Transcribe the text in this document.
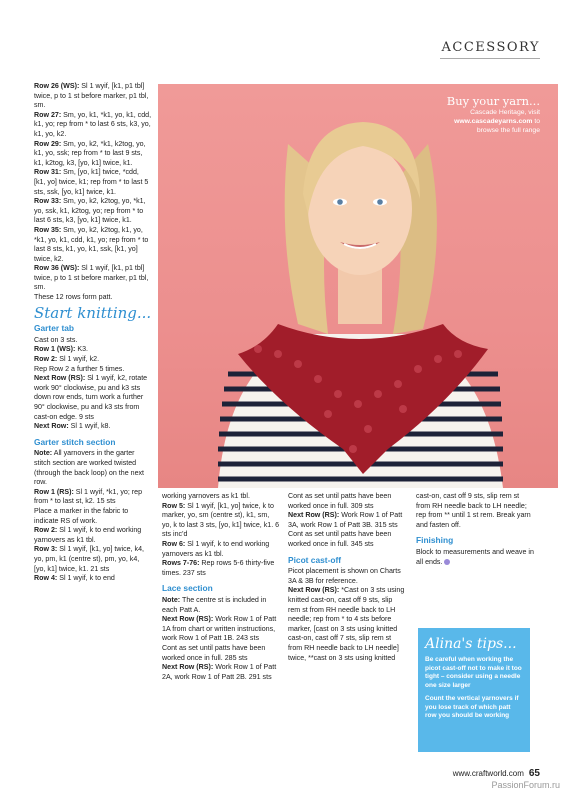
ACCESSORY
Buy your yarn...
Cascade Heritage, visit
www.cascadeyarns.com to
browse the full range

Row 26 (WS): Sl 1 wyif, [k1, p1 tbl] twice, p to 1 st before marker, p1 tbl, sm.

Row 27: Sm, yo, k1, *k1, yo, k1, cdd, k1, yo; rep from * to last 6 sts, k3, yo, k1, yo, k2.

Row 29: Sm, yo, k2, *k1, k2tog, yo, k1, yo, ssk; rep from * to last 9 sts, k1, k2tog, k3, [yo, k1] twice, k1.

Row 31: Sm, [yo, k1] twice, *cdd, [k1, yo] twice, k1; rep from * to last 5 sts, ssk, [yo, k1] twice, k1.

Row 33: Sm, yo, k2, k2tog, yo, *k1, yo, ssk, k1, k2tog, yo; rep from * to last 6 sts, k3, [yo, k1] twice, k1.

Row 35: Sm, yo, k2, k2tog, k1, yo, *k1, yo, k1, cdd, k1, yo; rep from * to last 8 sts, k1, yo, k1, ssk, [k1, yo] twice, k2.

Row 36 (WS): Sl 1 wyif, [k1, p1 tbl] twice, p to 1 st before marker, p1 tbl, sm.

These 12 rows form patt.

Start knitting...
Garter tab

Cast on 3 sts.

Row 1 (WS): K3.

Row 2: Sl 1 wyif, k2.

Rep Row 2 a further 5 times.

Next Row (RS): Sl 1 wyif, k2, rotate work 90° clockwise, pu and k3 sts down row ends, turn work a further 90° clockwise, pu and k3 sts from cast-on edge. 9 sts

Next Row: Sl 1 wyif, k8.

Garter stitch section

Note: All yarnovers in the garter stitch section are worked twisted (through the back loop) on the next row.

Row 1 (RS): Sl 1 wyif, *k1, yo; rep from * to last st, k2. 15 sts

Place a marker in the fabric to indicate RS of work.

Row 2: Sl 1 wyif, k to end working yarnovers as k1 tbl.

Row 3: Sl 1 wyif, [k1, yo] twice, k4, yo, pm, k1 (centre st), pm, yo, k4, [yo, k1] twice, k1. 21 sts

Row 4: Sl 1 wyif, k to end

working yarnovers as k1 tbl.

Row 5: Sl 1 wyif, [k1, yo] twice, k to marker, yo, sm (centre st), k1, sm, yo, k to last 3 sts, [yo, k1] twice, k1. 6 sts inc'd

Row 6: Sl 1 wyif, k to end working yarnovers as k1 tbl.

Rows 7-76: Rep rows 5-6 thirty-five times. 237 sts

Lace section

Note: The centre st is included in each Patt A.

Next Row (RS): Work Row 1 of Patt 1A from chart or written instructions, work Row 1 of Patt 1B. 243 sts

Cont as set until patts have been worked once in full. 285 sts

Next Row (RS): Work Row 1 of Patt 2A, work Row 1 of Patt 2B. 291 sts

Cont as set until patts have been worked once in full. 309 sts

Next Row (RS): Work Row 1 of Patt 3A, work Row 1 of Patt 3B. 315 sts

Cont as set until patts have been worked once in full. 345 sts

Picot cast-off

Picot placement is shown on Charts 3A & 3B for reference.

Next Row (RS): *Cast on 3 sts using knitted cast-on, cast off 9 sts, slip rem st from RH needle back to LH needle; rep from * to 4 sts before marker, [cast on 3 sts using knitted cast-on, cast off 7 sts, slip rem st from RH needle back to LH needle] twice, **cast on 3 sts using knitted

cast-on, cast off 9 sts, slip rem st from RH needle back to LH needle; rep from ** until 1 st rem. Break yarn and fasten off.

Finishing

Block to measurements and weave in all ends.

Alina's tips...

Be careful when working the picot cast-off not to make it too tight – consider using a needle one size larger

Count the vertical yarnovers if you lose track of which patt row you should be working

www.craftworld.com 65
PassionForum.ru
